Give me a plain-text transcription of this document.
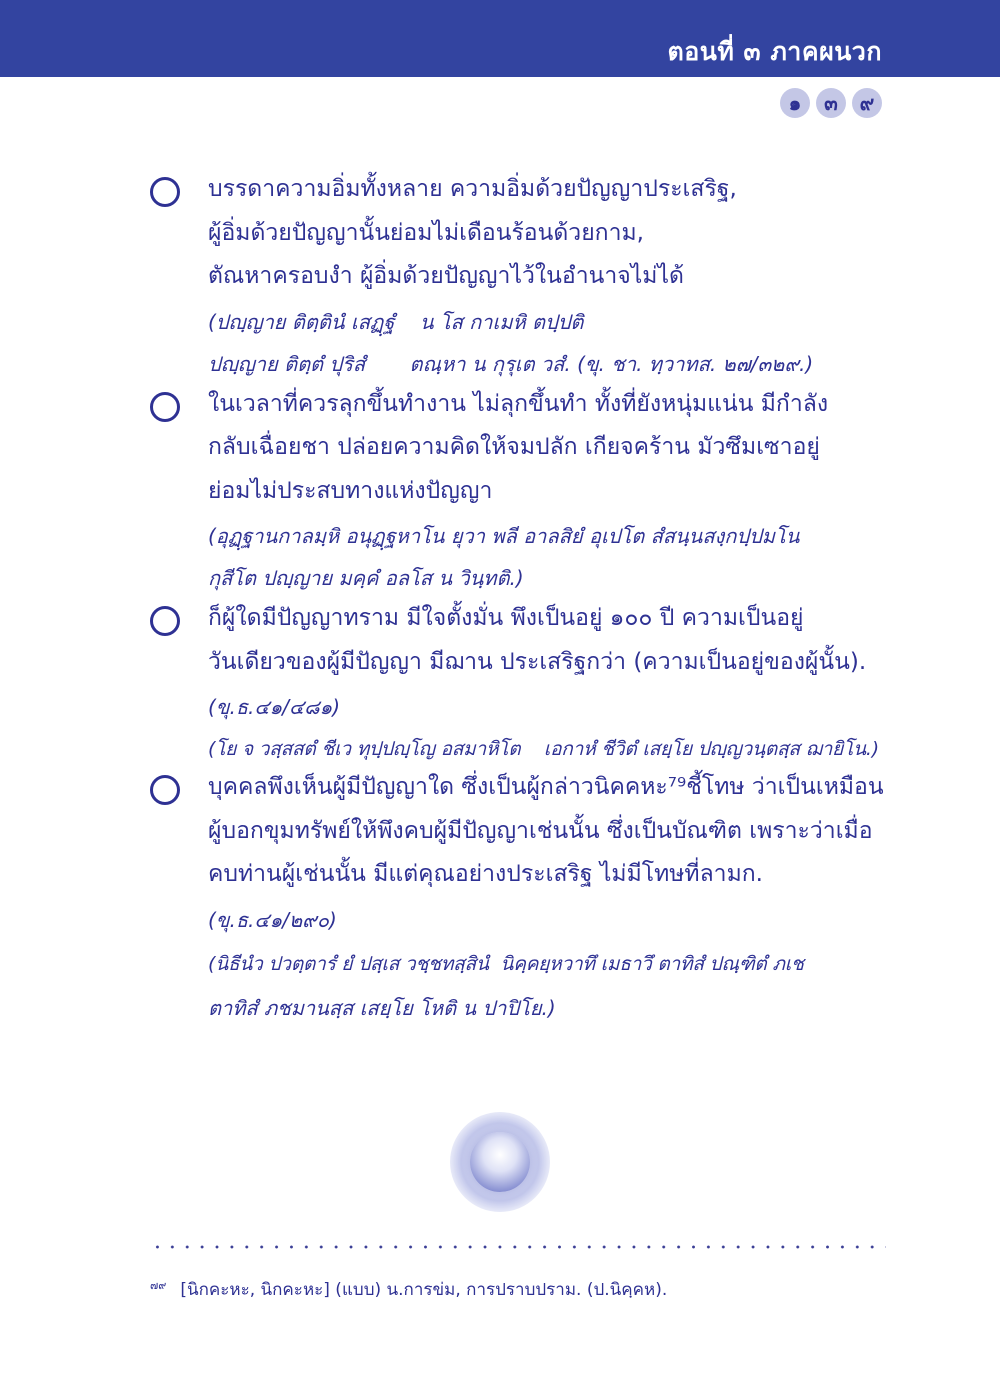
ตอนที่ ๓ ภาคผนวก
๑	๓	๙
บรรดาความอิ่มทั้งหลาย ความอิ่มด้วยปัญญาประเสริฐ,
ผู้อิ่มด้วยปัญญานั้นย่อมไม่เดือนร้อนด้วยกาม,
ตัณหาครอบงำ ผู้อิ่มด้วยปัญญาไว้ในอำนาจไม่ได้
(ปญฺญาย ติตฺตินํ เสฏฺฐํ    น โส กาเมหิ ตปฺปติ
ปญฺญาย ติตฺตํ ปุริสํ       ตณฺหา น กุรุเต วสํ. (ขุ. ชา. ทฺวาทส. ๒๗/๓๒๙.)
ในเวลาที่ควรลุกขึ้นทำงาน ไม่ลุกขึ้นทำ ทั้งที่ยังหนุ่มแน่น มีกำลัง
กลับเฉื่อยชา ปล่อยความคิดให้จมปลัก เกียจคร้าน มัวซึมเซาอยู่
ย่อมไม่ประสบทางแห่งปัญญา
(อุฏฺฐานกาลมฺหิ อนุฏฺฐหาโน ยุวา พลี อาลสิยํ อุเปโต สํสนฺนสงฺกปฺปมโน
กุสีโต ปญฺญาย มคฺคํ อลโส น วินฺทติ.)
ก็ผู้ใดมีปัญญาทราม มีใจตั้งมั่น พึงเป็นอยู่ ๑๐๐ ปี ความเป็นอยู่
วันเดียวของผู้มีปัญญา มีฌาน ประเสริฐกว่า (ความเป็นอยู่ของผู้นั้น).
(ขุ.ธ.๔๑/๔๘๑)
(โย จ วสฺสสตํ ชีเว ทุปฺปญฺโญ อสมาหิโต    เอกาหํ ชีวิตํ เสยฺโย ปญฺญวนฺตสฺส ฌายิโน.)
บุคคลพึงเห็นผู้มีปัญญาใด ซึ่งเป็นผู้กล่าวนิคคหะ⁷⁹ชี้โทษ ว่าเป็นเหมือน
ผู้บอกขุมทรัพย์ให้พึงคบผู้มีปัญญาเช่นนั้น ซึ่งเป็นบัณฑิต เพราะว่าเมื่อ
คบท่านผู้เช่นนั้น มีแต่คุณอย่างประเสริฐ ไม่มีโทษที่ลามก.
(ขุ.ธ.๔๑/๒๙๐)
(นิธีนํว ปวตฺตารํ ยํ ปสฺเส วชฺชทสฺสินํ  นิคฺคยฺหวาทึ เมธาวึ ตาทิสํ ปณฺฑิตํ ภเช
ตาทิสํ ภชมานสฺส เสยฺโย โหติ น ปาปิโย.)
$^{๗๙}$ [นิกคะหะ, นิกคะหะ] (แบบ) น.การข่ม, การปราบปราม. (ป.นิคฺคห).
